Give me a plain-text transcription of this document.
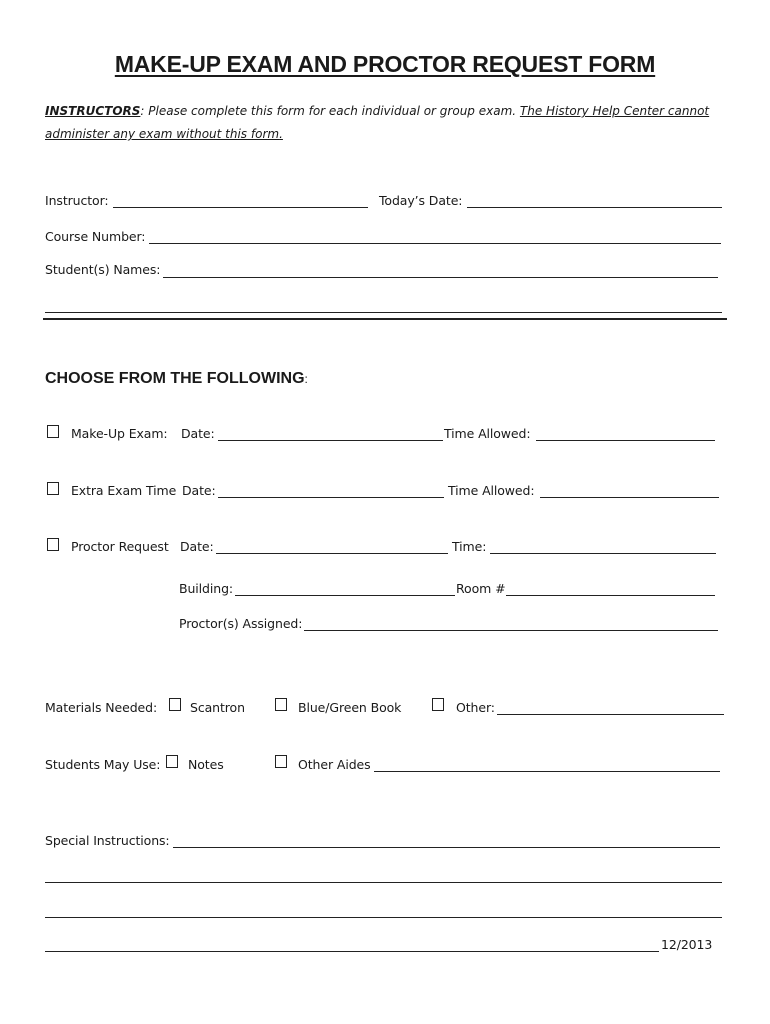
MAKE-UP EXAM AND PROCTOR REQUEST FORM
INSTRUCTORS: Please complete this form for each individual or group exam. The History Help Center cannot
administer any exam without this form.
Instructor:	Today’s Date:
Course Number:
Student(s) Names:
CHOOSE FROM THE FOLLOWING:
Make-Up Exam: Date:	Time Allowed:
Extra Exam Time Date:	Time Allowed:
Proctor Request Date:	Time:
Building:	Room #
Proctor(s) Assigned:
Materials Needed:	Scantron	Blue/Green Book	Other:
Students May Use: Notes	Other Aides
Special Instructions:
12/2013
